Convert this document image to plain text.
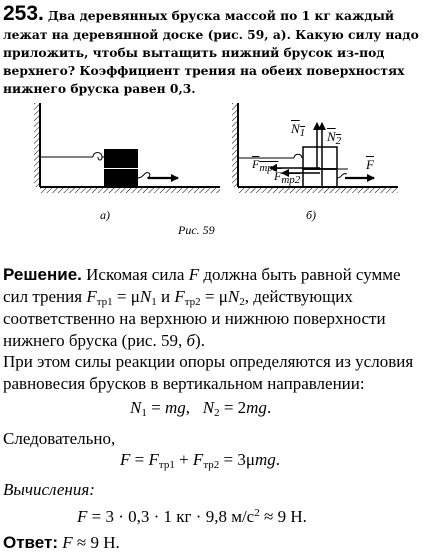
253. Два деревянных бруска массой по 1 кг каждый лежат на деревянной доске (рис. 59, а). Какую силу надо приложить, чтобы вытащить нижний брусок из-под верхнего? Коэффициент трения на обеих поверхностях нижнего бруска равен 0,3.
$N_1$ $N_2$
F
$F_{тр1}$
$F_{тр2}$
а)	б)
Рис. 59
Решение. Искомая сила F должна быть равной сумме сил трения $F_{тр1} = \mu N_1$ и $F_{тр2} = \mu N_2$, действующих соответственно на верхнюю и нижнюю поверхности нижнего бруска (рис. 59, б).
При этом силы реакции опоры определяются из условия равновесия брусков в вертикальном направлении:
$N_1$ = mg, $N_2 = 2mg$.
Следовательно,
$F = F_{тр1} + F_{тр2} = 3\mu mg$.
Вычисления:
F = 3 · 0,3 · 1 кг · 9,8 $м/с^2 \approx 9$ Н.
Ответ: F ≈ 9 Н.
